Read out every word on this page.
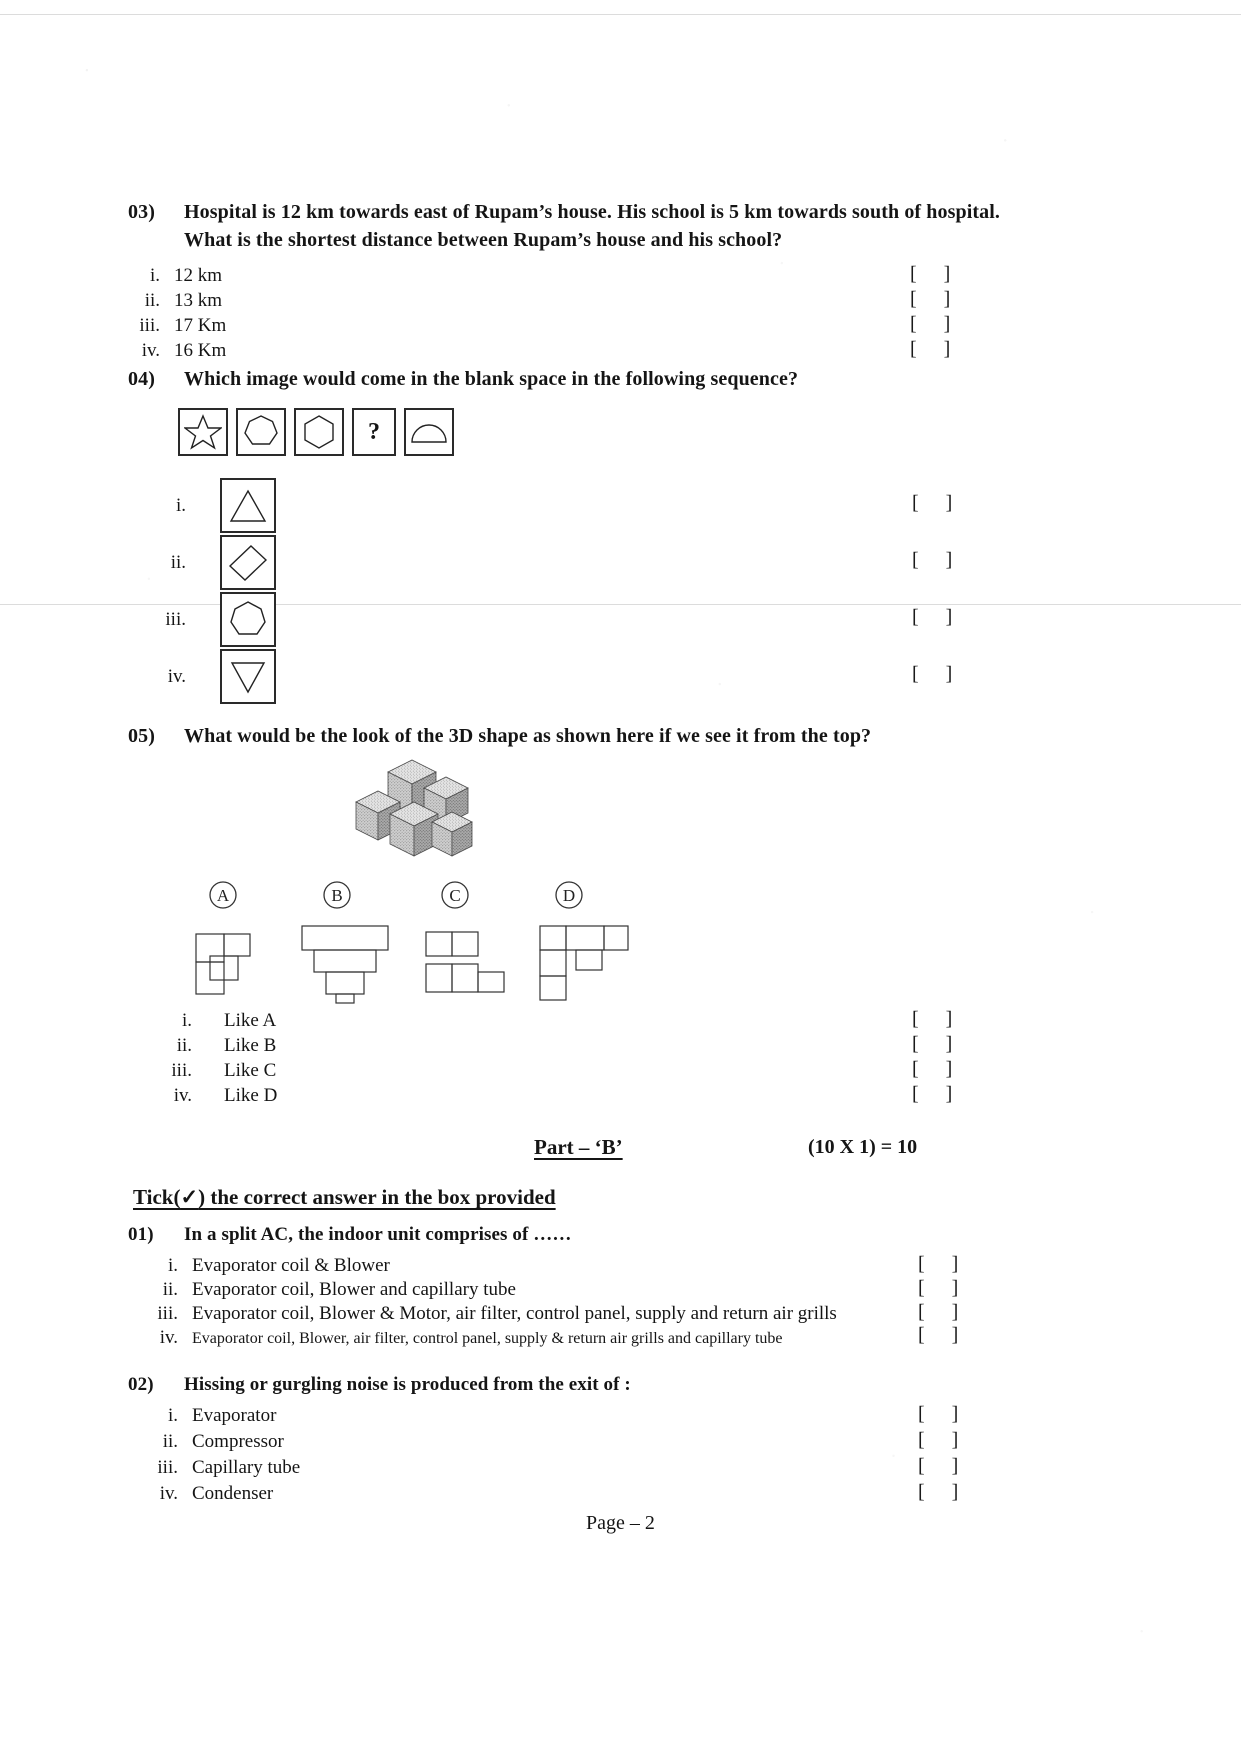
03)	Hospital is 12 km towards east of Rupam’s house. His school is 5 km towards south of hospital.
What is the shortest distance between Rupam’s house and his school?
i. 12 km	[ ]
ii. 13 km	[ ]
iii. 17 Km	[ ]
iv. 16 Km	[ ]
04)	Which image would come in the blank space in the following sequence?
?
i.	[ ]
ii.	[ ]
iii.	[ ]
iv.	[ ]
05)	What would be the look of the 3D shape as shown here if we see it from the top?
A	B	C	D
i.	Like A	[ ]
ii.	Like B	[ ]
iii.	Like C	[ ]
iv.	Like D	[ ]
Part – ‘B’	(10 X 1) = 10
Tick(✓) the correct answer in the box provided
01)	In a split AC, the indoor unit comprises of ……
i. Evaporator coil & Blower	[ ]
ii. Evaporator coil, Blower and capillary tube	[ ]
iii. Evaporator coil, Blower & Motor, air filter, control panel, supply and return air grills	[ ]
iv. Evaporator coil, Blower, air filter, control panel, supply & return air grills and capillary tube	[ ]
02)	Hissing or gurgling noise is produced from the exit of :
i. Evaporator	[ ]
ii. Compressor	[ ]
iii. Capillary tube	[ ]
iv. Condenser	[ ]
Page – 2
